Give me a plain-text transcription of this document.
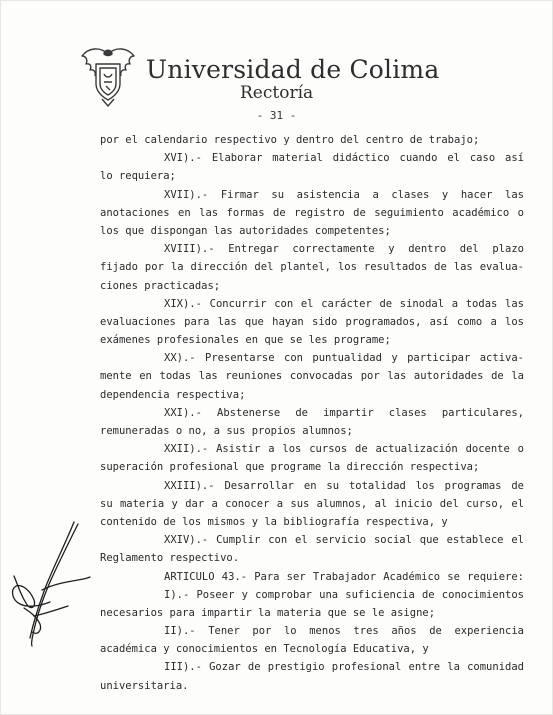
Universidad de Colima
Rectoría
- 31 -
por el calendario respectivo y dentro del centro de trabajo;
XVI).- Elaborar material didáctico cuando el caso así
lo requiera;
XVII).- Firmar su asistencia a clases y hacer las
anotaciones en las formas de registro de seguimiento académico o
los que dispongan las autoridades competentes;
XVIII).- Entregar correctamente y dentro del plazo
fijado por la dirección del plantel, los resultados de las evalua-
ciones practicadas;
XIX).- Concurrir con el carácter de sinodal a todas las
evaluaciones para las que hayan sido programados, así como a los
exámenes profesionales en que se les programe;
XX).- Presentarse con puntualidad y participar activa-
mente en todas las reuniones convocadas por las autoridades de la
dependencia respectiva;
XXI).- Abstenerse de impartir clases particulares,
remuneradas o no, a sus propios alumnos;
XXII).- Asistir a los cursos de actualización docente o
superación profesional que programe la dirección respectiva;
XXIII).- Desarrollar en su totalidad los programas de
su materia y dar a conocer a sus alumnos, al inicio del curso, el
contenido de los mismos y la bibliografía respectiva, y
XXIV).- Cumplir con el servicio social que establece el
Reglamento respectivo.
ARTICULO 43.- Para ser Trabajador Académico se requiere:
I).- Poseer y comprobar una suficiencia de conocimientos
necesarios para impartir la materia que se le asigne;
II).- Tener por lo menos tres años de experiencia
académica y conocimientos en Tecnología Educativa, y
III).- Gozar de prestigio profesional entre la comunidad
universitaria.
